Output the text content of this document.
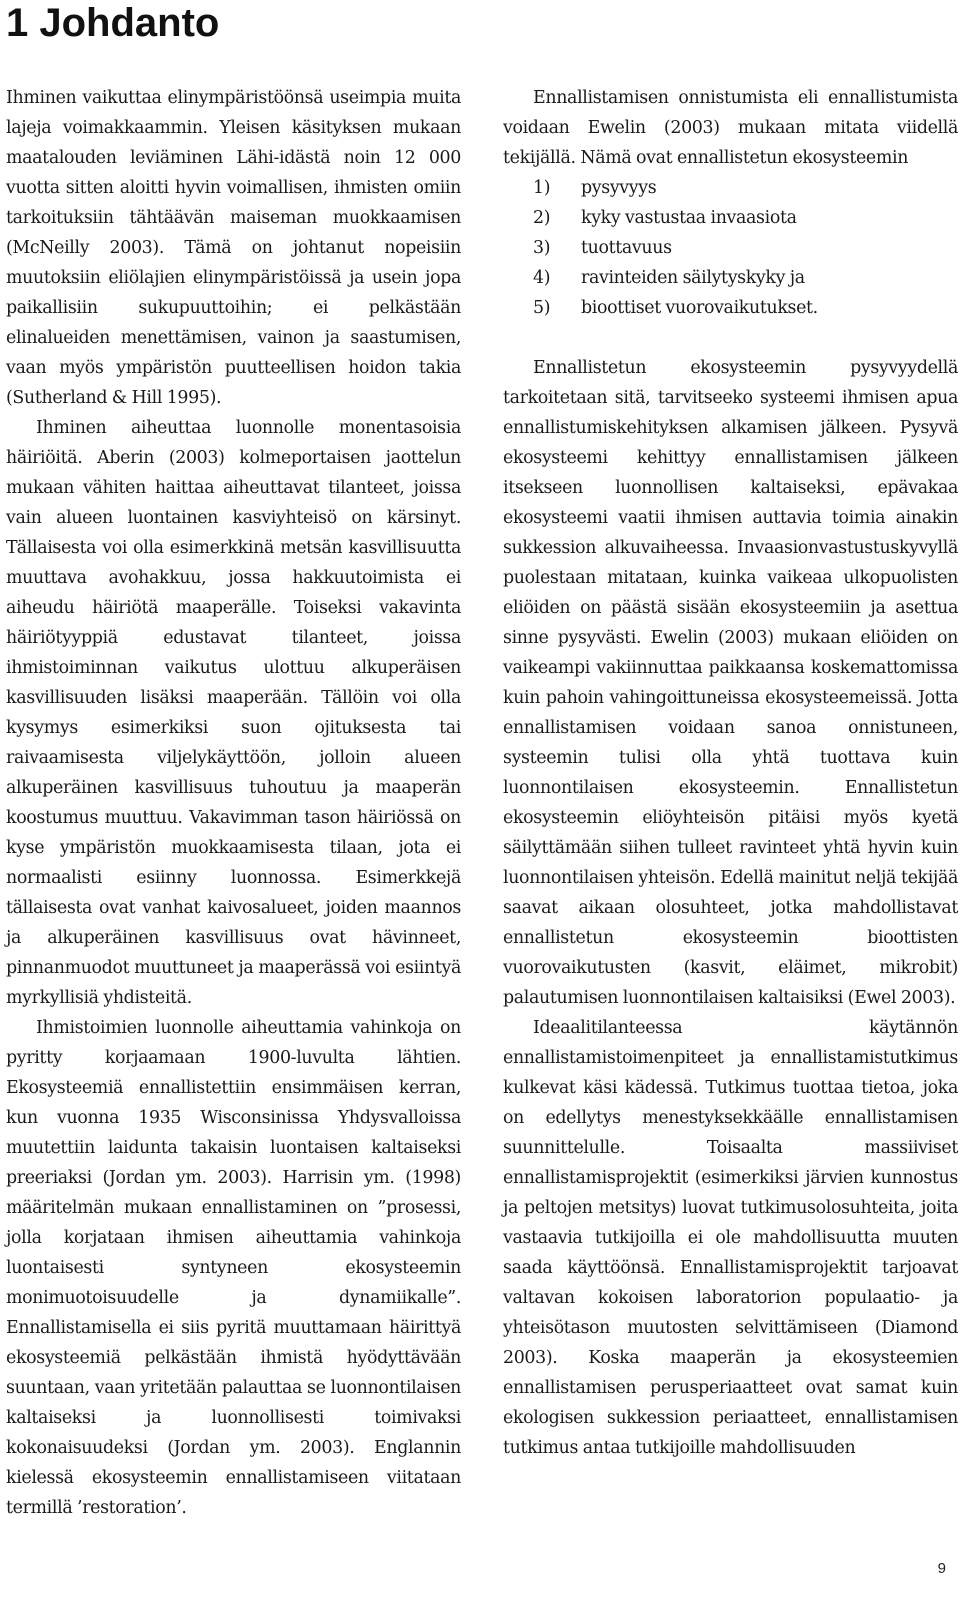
1 Johdanto

Ihminen vaikuttaa elinympäristöönsä useimpia muita lajeja voimakkaammin. Yleisen käsityksen mukaan maatalouden leviäminen Lähi-idästä noin 12 000 vuotta sitten aloitti hyvin voimallisen, ihmisten omiin tarkoituksiin tähtäävän maiseman muokkaamisen (McNeilly 2003). Tämä on johtanut nopeisiin muutoksiin eliölajien elinympäristöissä ja usein jopa paikallisiin sukupuuttoihin; ei pelkästään elinalueiden menettämisen, vainon ja saastumisen, vaan myös ympäristön puutteellisen hoidon takia (Sutherland & Hill 1995).

Ihminen aiheuttaa luonnolle monentasoisia häiriöitä. Aberin (2003) kolmeportaisen jaottelun mukaan vähiten haittaa aiheuttavat tilanteet, joissa vain alueen luontainen kasviyhteisö on kärsinyt. Tällaisesta voi olla esimerkkinä metsän kasvillisuutta muuttava avohakkuu, jossa hakkuutoimista ei aiheudu häiriötä maaperälle. Toiseksi vakavinta häiriötyyppiä edustavat tilanteet, joissa ihmistoiminnan vaikutus ulottuu alkuperäisen kasvillisuuden lisäksi maaperään. Tällöin voi olla kysymys esimerkiksi suon ojituksesta tai raivaamisesta viljelykäyttöön, jolloin alueen alkuperäinen kasvillisuus tuhoutuu ja maaperän koostumus muuttuu. Vakavimman tason häiriössä on kyse ympäristön muokkaamisesta tilaan, jota ei normaalisti esiinny luonnossa. Esimerkkejä tällaisesta ovat vanhat kaivosalueet, joiden maannos ja alkuperäinen kasvillisuus ovat hävinneet, pinnanmuodot muuttuneet ja maaperässä voi esiintyä myrkyllisiä yhdisteitä.

Ihmistoimien luonnolle aiheuttamia vahinkoja on pyritty korjaamaan 1900-luvulta lähtien. Ekosysteemiä ennallistettiin ensimmäisen kerran, kun vuonna 1935 Wisconsinissa Yhdysvalloissa muutettiin laidunta takaisin luontaisen kaltaiseksi preeriaksi (Jordan ym. 2003). Harrisin ym. (1998) määritelmän mukaan ennallistaminen on ”prosessi, jolla korjataan ihmisen aiheuttamia vahinkoja luontaisesti syntyneen ekosysteemin monimuotoisuudelle ja dynamiikalle”. Ennallistamisella ei siis pyritä muuttamaan häirittyä ekosysteemiä pelkästään ihmistä hyödyttävään suuntaan, vaan yritetään palauttaa se luonnontilaisen kaltaiseksi ja luonnollisesti toimivaksi kokonaisuudeksi (Jordan ym. 2003). Englannin kielessä ekosysteemin ennallistamiseen viitataan termillä ’restoration’.

Ennallistamisen onnistumista eli ennallistumista voidaan Ewelin (2003) mukaan mitata viidellä tekijällä. Nämä ovat ennallistetun ekosysteemin

1)	pysyvyys
2)	kyky vastustaa invaasiota
3)	tuottavuus
4)	ravinteiden säilytyskyky ja
5)	bioottiset vuorovaikutukset.

Ennallistetun ekosysteemin pysyvyydellä tarkoitetaan sitä, tarvitseeko systeemi ihmisen apua ennallistumiskehityksen alkamisen jälkeen. Pysyvä ekosysteemi kehittyy ennallistamisen jälkeen itsekseen luonnollisen kaltaiseksi, epävakaa ekosysteemi vaatii ihmisen auttavia toimia ainakin sukkession alkuvaiheessa. Invaasionvastustuskyvyllä puolestaan mitataan, kuinka vaikeaa ulkopuolisten eliöiden on päästä sisään ekosysteemiin ja asettua sinne pysyvästi. Ewelin (2003) mukaan eliöiden on vaikeampi vakiinnuttaa paikkaansa koskemattomissa kuin pahoin vahingoittuneissa ekosysteemeissä. Jotta ennallistamisen voidaan sanoa onnistuneen, systeemin tulisi olla yhtä tuottava kuin luonnontilaisen ekosysteemin. Ennallistetun ekosysteemin eliöyhteisön pitäisi myös kyetä säilyttämään siihen tulleet ravinteet yhtä hyvin kuin luonnontilaisen yhteisön. Edellä mainitut neljä tekijää saavat aikaan olosuhteet, jotka mahdollistavat ennallistetun ekosysteemin bioottisten vuorovaikutusten (kasvit, eläimet, mikrobit) palautumisen luonnontilaisen kaltaisiksi (Ewel 2003).

Ideaalitilanteessa käytännön ennallistamistoimenpiteet ja ennallistamistutkimus kulkevat käsi kädessä. Tutkimus tuottaa tietoa, joka on edellytys menestyksekkäälle ennallistamisen suunnittelulle. Toisaalta massiiviset ennallistamisprojektit (esimerkiksi järvien kunnostus ja peltojen metsitys) luovat tutkimusolosuhteita, joita vastaavia tutkijoilla ei ole mahdollisuutta muuten saada käyttöönsä. Ennallistamisprojektit tarjoavat valtavan kokoisen laboratorion populaatio- ja yhteisötason muutosten selvittämiseen (Diamond 2003). Koska maaperän ja ekosysteemien ennallistamisen perusperiaatteet ovat samat kuin ekologisen sukkession periaatteet, ennallistamisen tutkimus antaa tutkijoille mahdollisuuden

9
